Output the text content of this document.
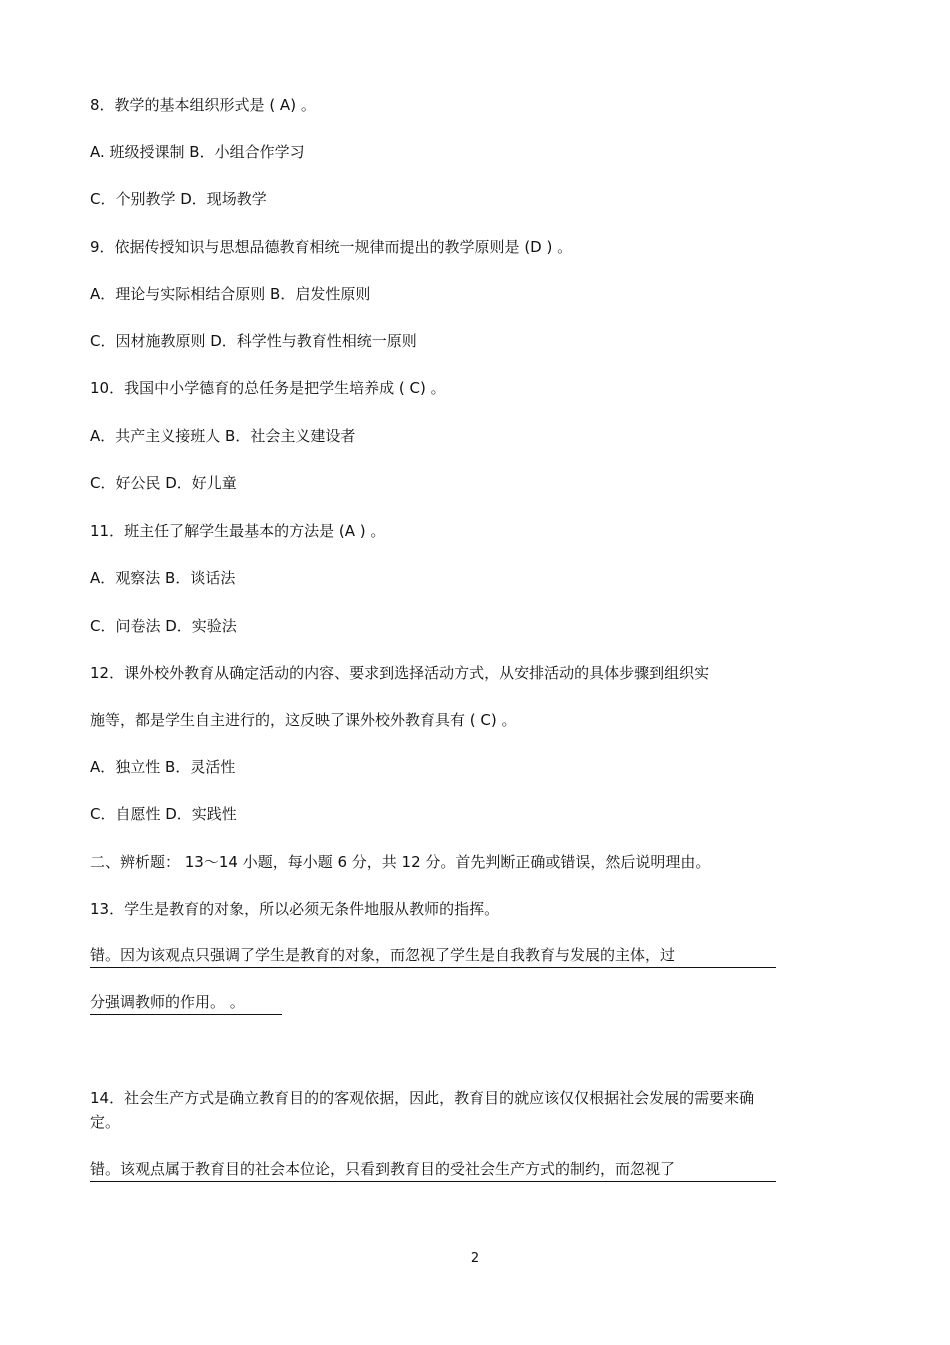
8．教学的基本组织形式是 ( A) 。
A. 班级授课制 B．小组合作学习
C．个别教学 D．现场教学
9．依据传授知识与思想品德教育相统一规律而提出的教学原则是 (D ) 。
A．理论与实际相结合原则 B．启发性原则
C．因材施教原则 D．科学性与教育性相统一原则
10．我国中小学德育的总任务是把学生培养成 ( C) 。
A．共产主义接班人 B．社会主义建设者
C．好公民 D．好儿童
11．班主任了解学生最基本的方法是 (A ) 。
A．观察法 B．谈话法
C．问卷法 D．实验法
12．课外校外教育从确定活动的内容、要求到选择活动方式，从安排活动的具体步骤到组织实
施等，都是学生自主进行的，这反映了课外校外教育具有 ( C) 。
A．独立性 B．灵活性
C．自愿性 D．实践性
二、辨析题： 13～14 小题，每小题 6 分，共 12 分。首先判断正确或错误，然后说明理由。
13．学生是教育的对象，所以必须无条件地服从教师的指挥。
错。因为该观点只强调了学生是教育的对象，而忽视了学生是自我教育与发展的主体，过
分强调教师的作用。 。
14．社会生产方式是确立教育目的的客观依据，因此，教育目的就应该仅仅根据社会发展的需要来确
定。
错。该观点属于教育目的社会本位论，只看到教育目的受社会生产方式的制约，而忽视了
2
